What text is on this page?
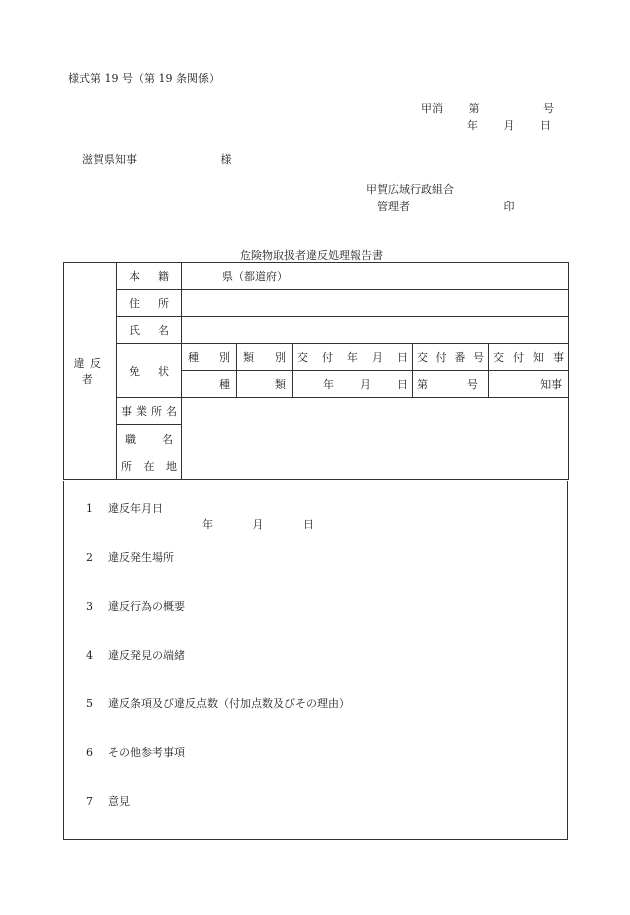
様式第 19 号（第 19 条関係）
甲消 第	号
年 月 日
滋賀県知事	様
甲賀広域行政組合
管理者	印
危険物取扱者違反処理報告書
違反者	本 籍	県（都道府）				

	住 所					

	氏 名					

	免 状	種 別	類 別	交 付 年 月 日	交 付 番 号	交 付 知 事

		種	類	年 月 日	第 号	知事

	事 業 所 名					

	職 名
所 在 地					
1 違反年月日
年	月	日
2 違反発生場所
3 違反行為の概要
4 違反発見の端緒
5 違反条項及び違反点数（付加点数及びその理由）
6 その他参考事項
7 意見
